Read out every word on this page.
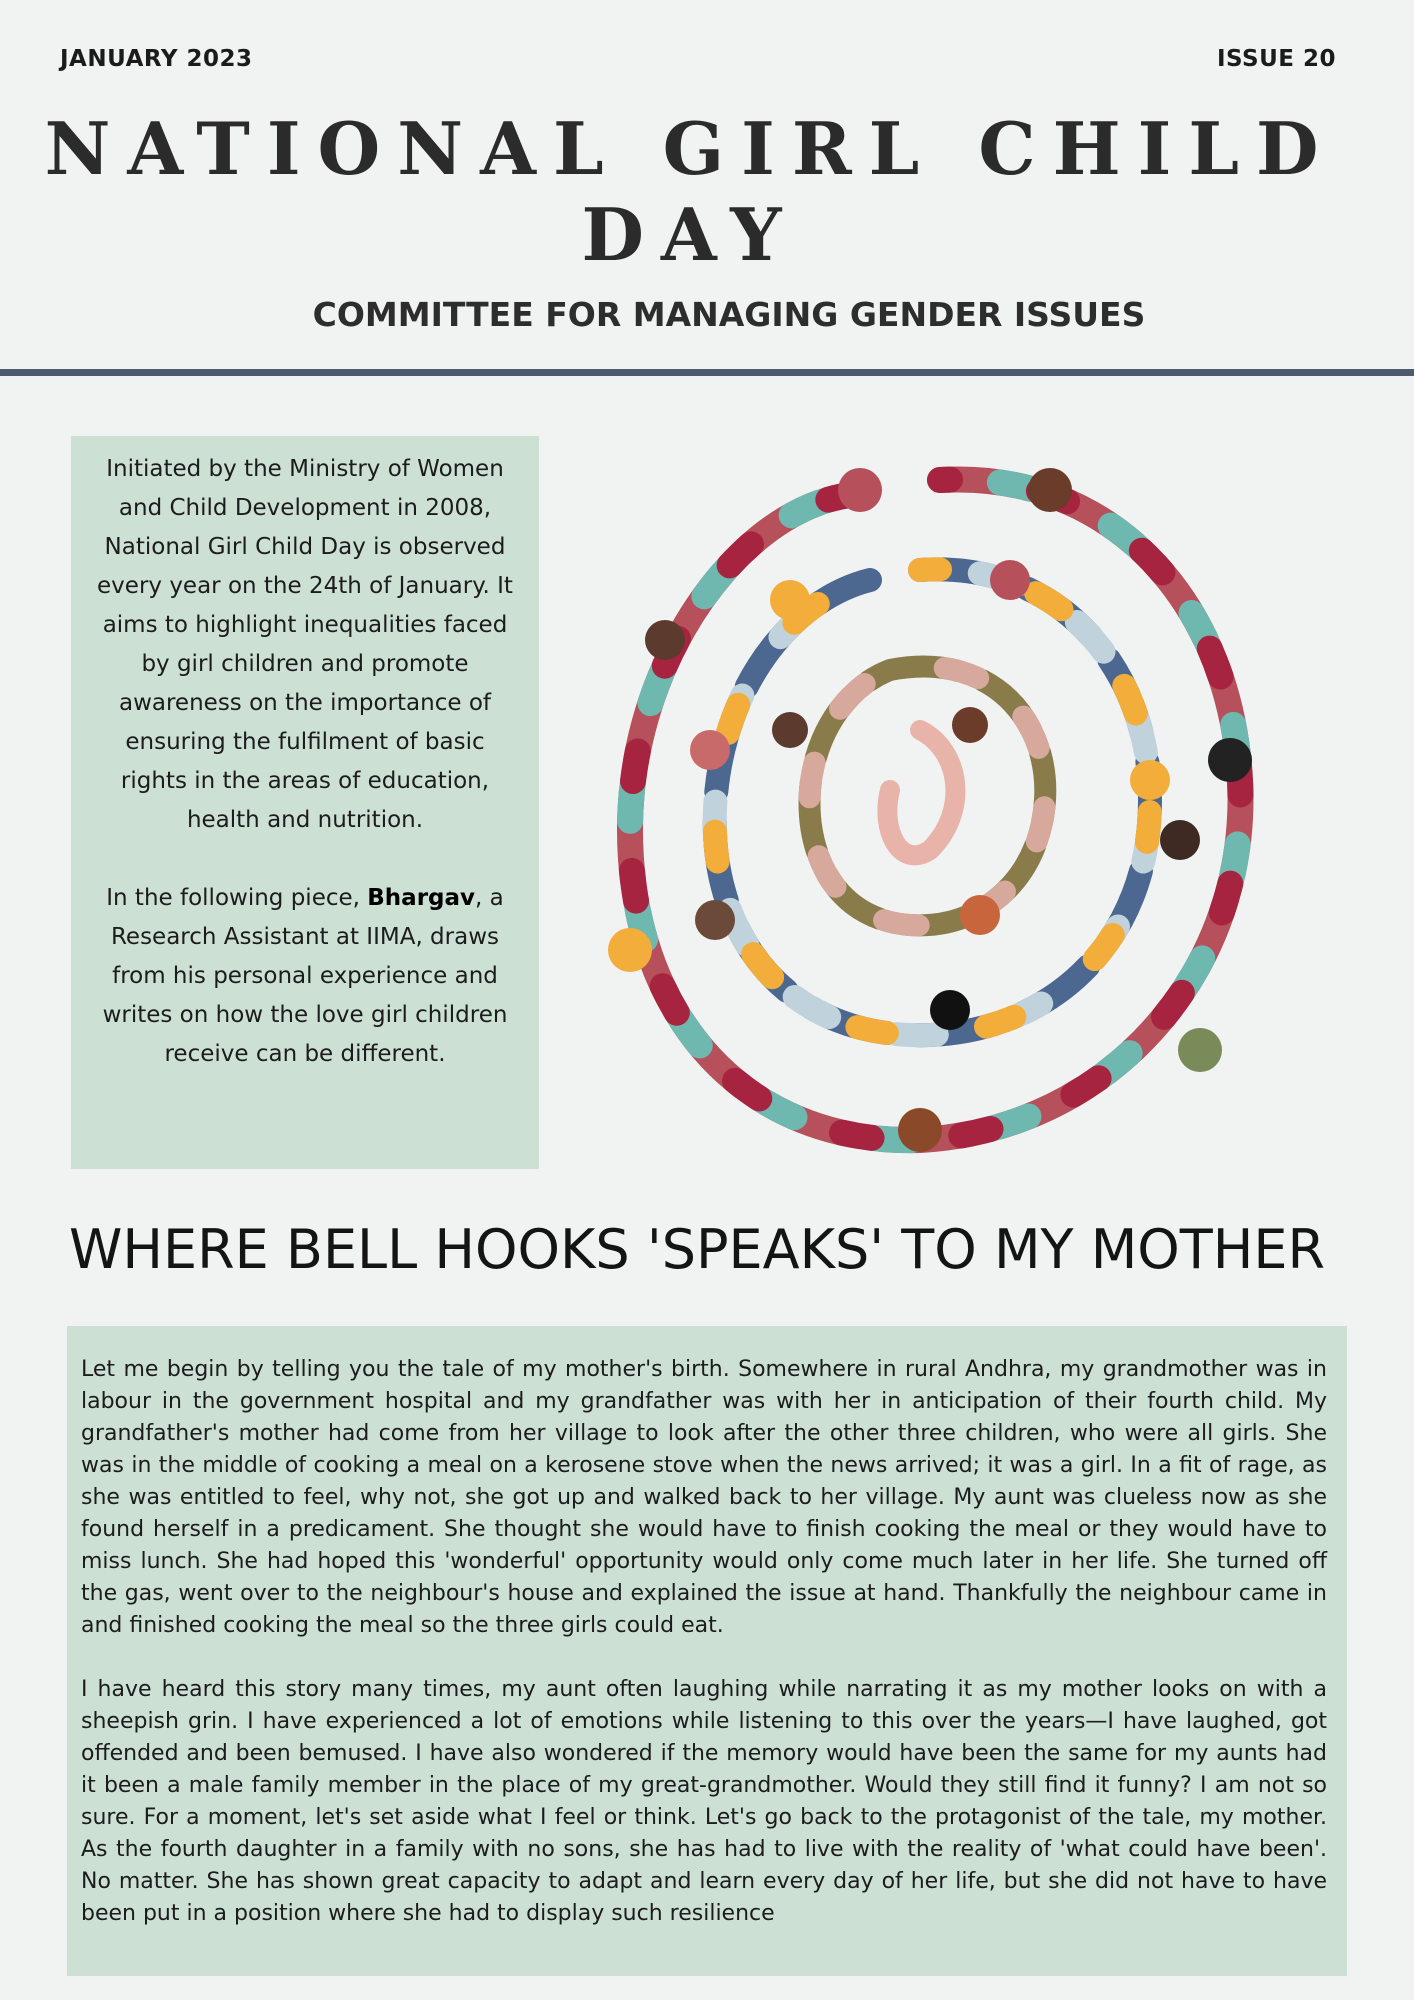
JANUARY 2023	ISSUE 20
NATIONAL GIRL CHILD DAY
COMMITTEE FOR MANAGING GENDER ISSUES

Initiated by the Ministry of Women and Child Development in 2008, National Girl Child Day is observed every year on the 24th of January. It aims to highlight inequalities faced by girl children and promote awareness on the importance of ensuring the fulfilment of basic rights in the areas of education, health and nutrition.

In the following piece, Bhargav, a Research Assistant at IIMA, draws from his personal experience and writes on how the love girl children receive can be different.

WHERE BELL HOOKS 'SPEAKS' TO MY MOTHER

Let me begin by telling you the tale of my mother's birth. Somewhere in rural Andhra, my grandmother was in labour in the government hospital and my grandfather was with her in anticipation of their fourth child. My grandfather's mother had come from her village to look after the other three children, who were all girls. She was in the middle of cooking a meal on a kerosene stove when the news arrived; it was a girl. In a fit of rage, as she was entitled to feel, why not, she got up and walked back to her village. My aunt was clueless now as she found herself in a predicament. She thought she would have to finish cooking the meal or they would have to miss lunch. She had hoped this 'wonderful' opportunity would only come much later in her life. She turned off the gas, went over to the neighbour's house and explained the issue at hand. Thankfully the neighbour came in and finished cooking the meal so the three girls could eat.

I have heard this story many times, my aunt often laughing while narrating it as my mother looks on with a sheepish grin. I have experienced a lot of emotions while listening to this over the years—I have laughed, got offended and been bemused. I have also wondered if the memory would have been the same for my aunts had it been a male family member in the place of my great-grandmother. Would they still find it funny? I am not so sure. For a moment, let's set aside what I feel or think. Let's go back to the protagonist of the tale, my mother. As the fourth daughter in a family with no sons, she has had to live with the reality of 'what could have been'. No matter. She has shown great capacity to adapt and learn every day of her life, but she did not have to have been put in a position where she had to display such resilience
